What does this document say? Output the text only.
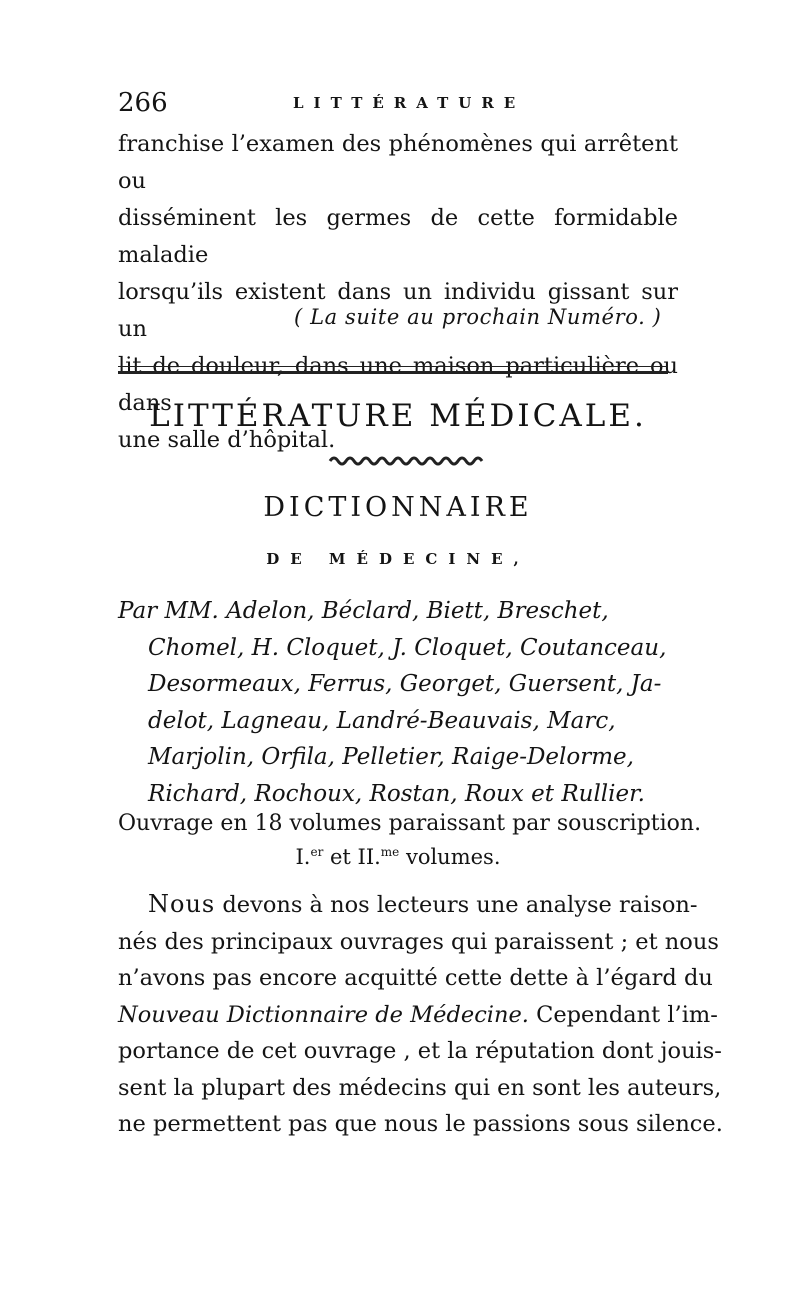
266	LITTÉRATURE
franchise l’examen des phénomènes qui arrêtent ou
disséminent les germes de cette formidable maladie
lorsqu’ils existent dans un individu gissant sur un
lit de douleur, dans une maison particulière ou dans
une salle d’hôpital.
( La suite au prochain Numéro. )
LITTÉRATURE MÉDICALE.
DICTIONNAIRE
DE MÉDECINE,
Par MM. Adelon, Béclard, Biett, Breschet,
Chomel, H. Cloquet, J. Cloquet, Coutanceau,
Desormeaux, Ferrus, Georget, Guersent, Ja-
delot, Lagneau, Landré-Beauvais, Marc,
Marjolin, Orfila, Pelletier, Raige-Delorme,
Richard, Rochoux, Rostan, Roux et Rullier.
Ouvrage en 18 volumes paraissant par souscription.
I.$^{er}$ et II.$^{me}$ volumes.
Nous devons à nos lecteurs une analyse raison-
nés des principaux ouvrages qui paraissent ; et nous
n’avons pas encore acquitté cette dette à l’égard du
Nouveau Dictionnaire de Médecine. Cependant l’im-
portance de cet ouvrage , et la réputation dont jouis-
sent la plupart des médecins qui en sont les auteurs,
ne permettent pas que nous le passions sous silence.
